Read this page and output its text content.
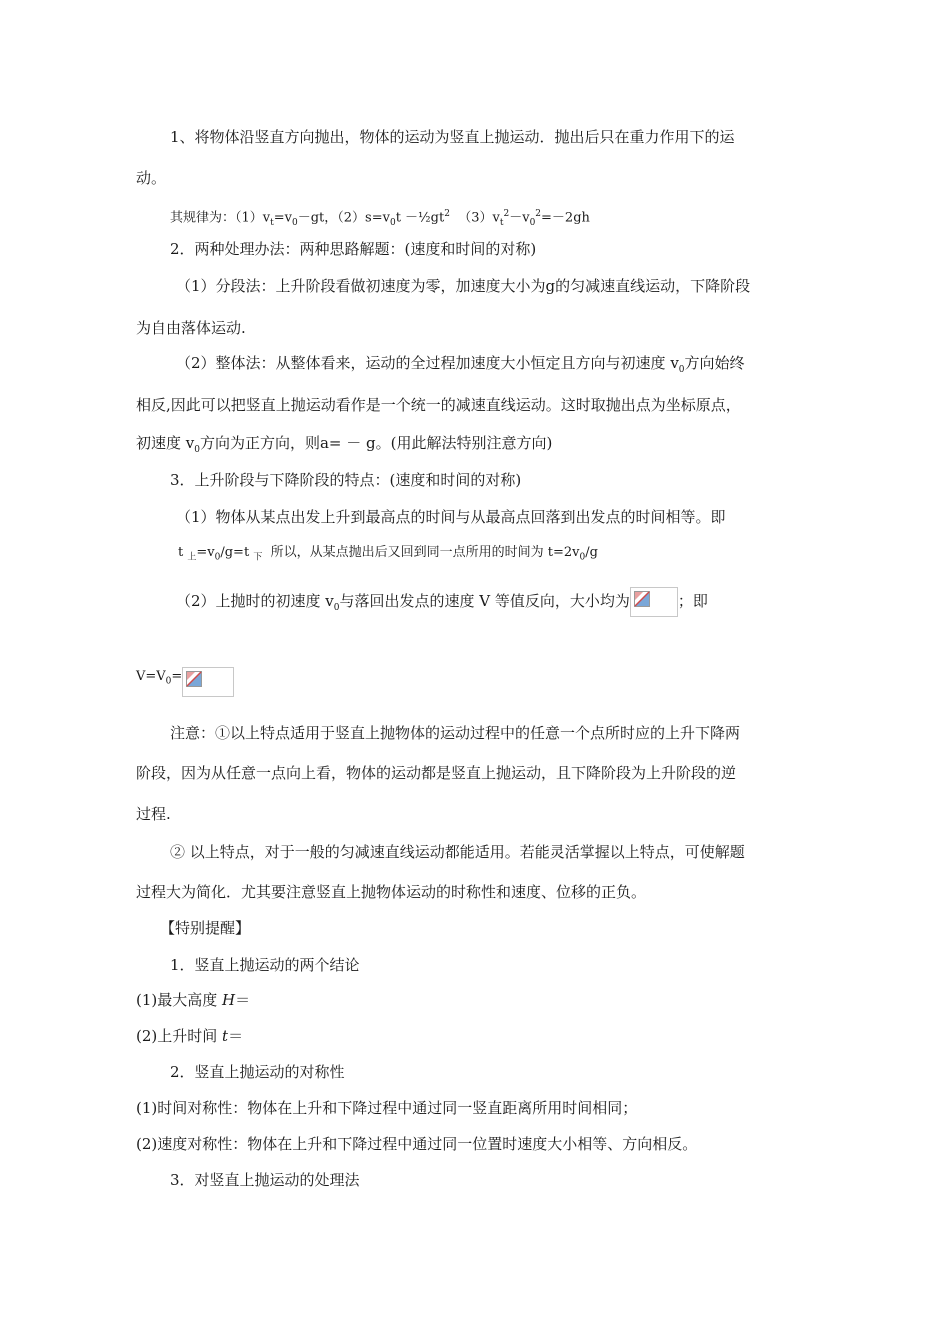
1、将物体沿竖直方向抛出，物体的运动为竖直上抛运动．抛出后只在重力作用下的运
动。
其规律为：$(1)v_t=v_0-gt$，$(2)s=v_0t$ $-\frac{1}{2}gt^2$  $(3)v_t^2-v_0^2=-2gh$
2．两种处理办法：两种思路解题：(速度和时间的对称)
（1）分段法：上升阶段看做初速度为零，加速度大小为g的匀减速直线运动，下降阶段
为自由落体运动.
（2）整体法：从整体看来，运动的全过程加速度大小恒定且方向与初速度 $v_0$方向始终
相反,因此可以把竖直上抛运动看作是一个统一的减速直线运动。这时取抛出点为坐标原点，
初速度 $v_0$方向为正方向，则a= － g。(用此解法特别注意方向)
3．上升阶段与下降阶段的特点：(速度和时间的对称)
（1）物体从某点出发上升到最高点的时间与从最高点回落到出发点的时间相等。即
t $_上=v_0/g=t$ $_下$  所以，从某点抛出后又回到同一点所用的时间为 $t=2v_0/g$
（2）上抛时的初速度 $v_0$与落回出发点的速度 V 等值反向，大小均为	；即
$V=V_0=$
注意：①以上特点适用于竖直上抛物体的运动过程中的任意一个点所时应的上升下降两
阶段，因为从任意一点向上看，物体的运动都是竖直上抛运动，且下降阶段为上升阶段的逆
过程.
② 以上特点，对于一般的匀减速直线运动都能适用。若能灵活掌握以上特点，可使解题
过程大为简化．尤其要注意竖直上抛物体运动的时称性和速度、位移的正负。
【特别提醒】
1．竖直上抛运动的两个结论
(1)最大高度 H＝
(2)上升时间 t＝
2．竖直上抛运动的对称性
(1)时间对称性：物体在上升和下降过程中通过同一竖直距离所用时间相同；
(2)速度对称性：物体在上升和下降过程中通过同一位置时速度大小相等、方向相反。
3．对竖直上抛运动的处理法
